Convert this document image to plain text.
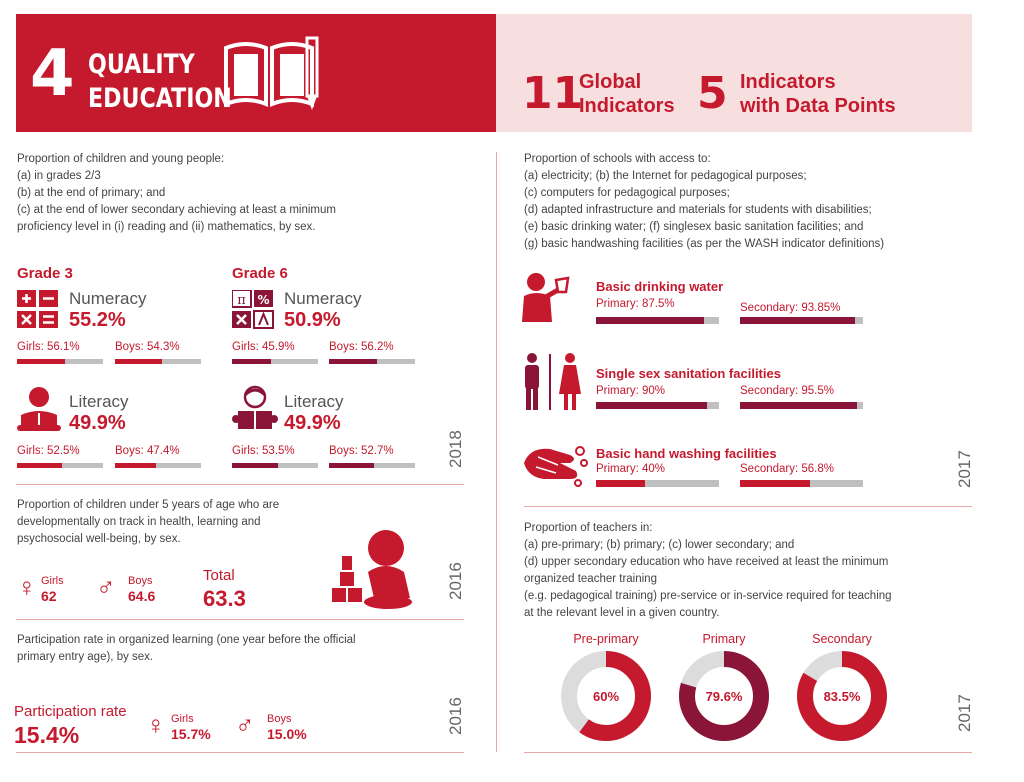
4 QUALITY
EDUCATION	11
Global
Indicators 5 Indicators
with Data Points
Proportion of children and young people:
(a) in grades 2/3
(b) at the end of primary; and
(c) at the end of lower secondary achieving at least a minimum
proficiency level in (i) reading and (ii) mathematics, by sex.
Grade 3
Numeracy
55.2%
Girls: 56.1%	Boys: 54.3%
Literacy
49.9%
Girls: 52.5%	Boys: 47.4%
Grade 6
π % Numeracy
50.9%
Girls: 45.9%	Boys: 56.2%
Literacy
49.9%
Girls: 53.5%	Boys: 52.7%	2018
Proportion of children under 5 years of age who are
developmentally on track in health, learning and
psychosocial well-being, by sex.
♀ Girls
62 ♂ Boys
64.6
Total
63.3	2016
Participation rate in organized learning (one year before the official
primary entry age), by sex.
Participation rate
15.4%	♀ Girls
15.7% ♂ Boys
15.0%	2016
Proportion of schools with access to:
(a) electricity; (b) the Internet for pedagogical purposes;
(c) computers for pedagogical purposes;
(d) adapted infrastructure and materials for students with disabilities;
(e) basic drinking water; (f) singlesex basic sanitation facilities; and
(g) basic handwashing facilities (as per the WASH indicator definitions)
Basic drinking water
Primary: 87.5%	Secondary: 93.85%
Single sex sanitation facilities
Primary: 90%	Secondary: 95.5%
Basic hand washing facilities
Primary: 40%	Secondary: 56.8%	2017
Proportion of teachers in:
(a) pre-primary; (b) primary; (c) lower secondary; and
(d) upper secondary education who have received at least the minimum
organized teacher training
(e.g. pedagogical training) pre-service or in-service required for teaching
at the relevant level in a given country.
Pre-primary	Primary	Secondary
60%	79.6%	83.5%	2017
